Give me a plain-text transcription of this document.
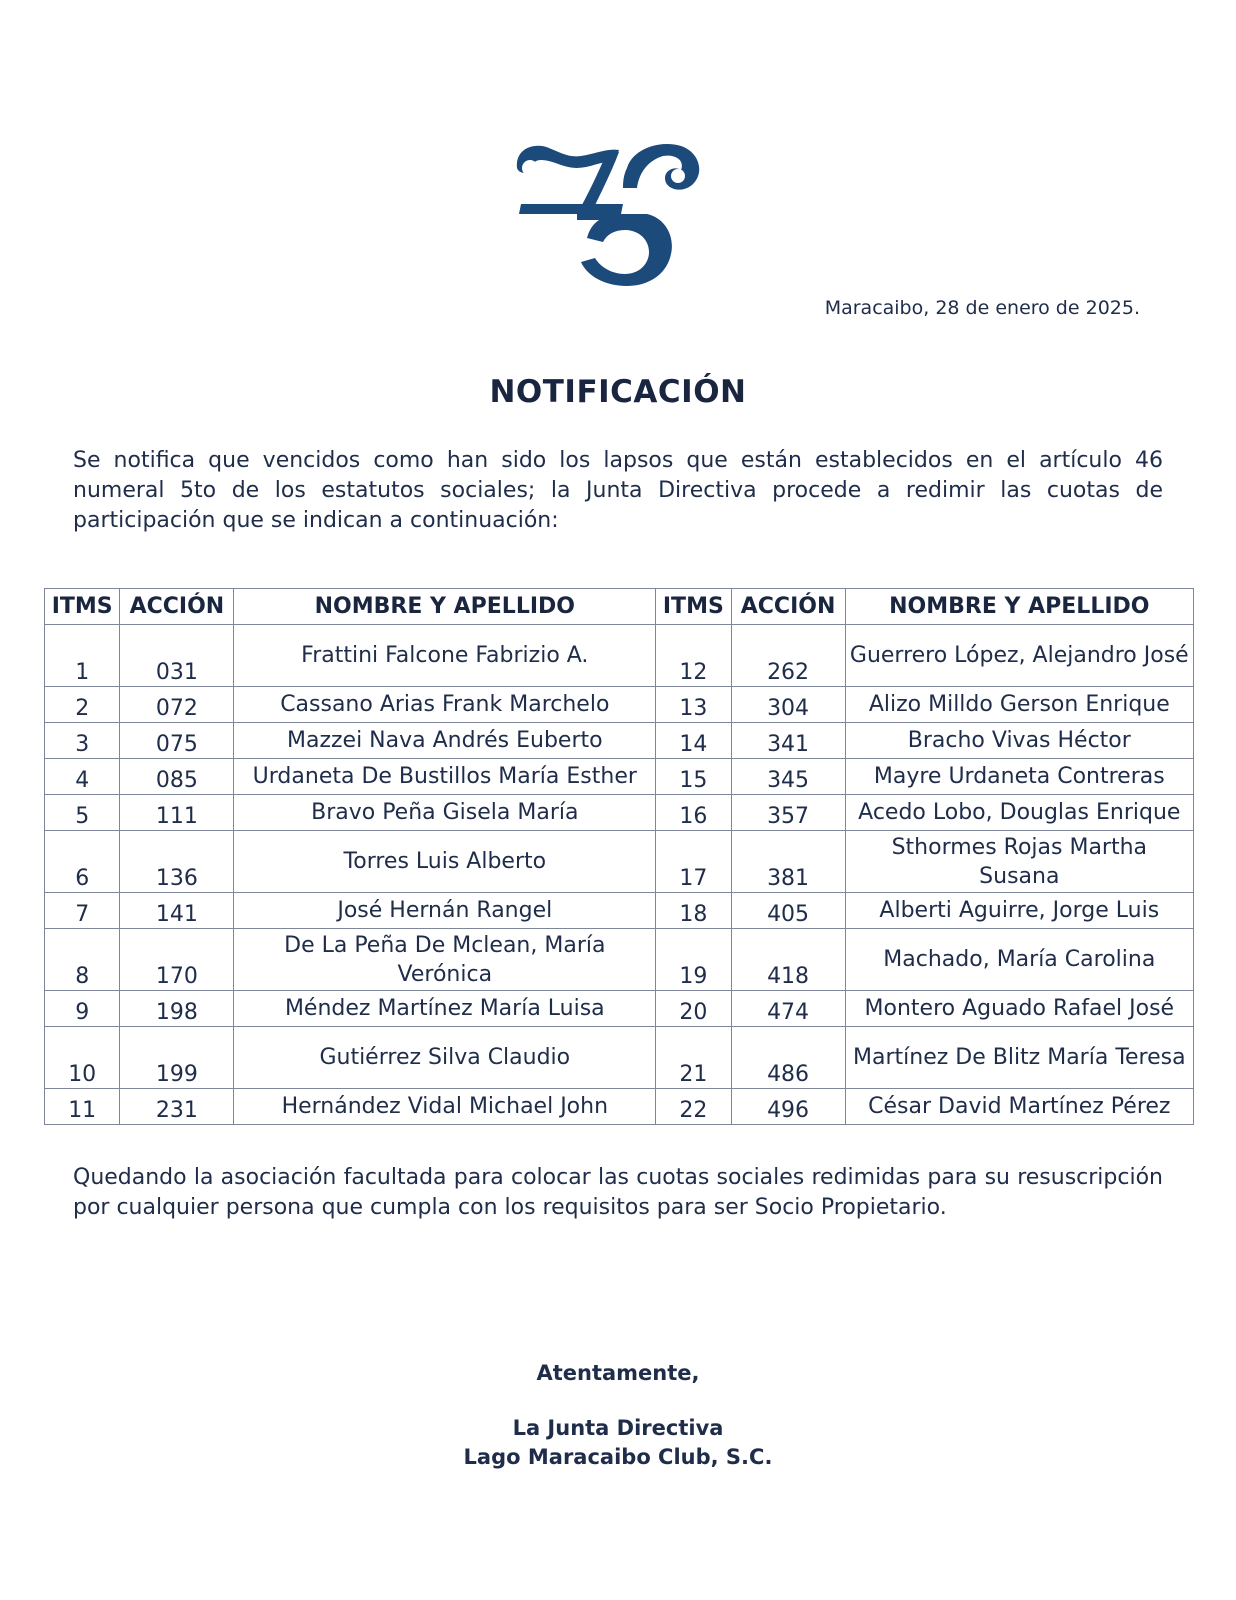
Maracaibo, 28 de enero de 2025.
NOTIFICACIÓN
Se notifica que vencidos como han sido los lapsos que están establecidos en el artículo 46 numeral 5to de los estatutos sociales; la Junta Directiva procede a redimir las cuotas de participación que se indican a continuación:
ITMS	ACCIÓN	NOMBRE Y APELLIDO	ITMS	ACCIÓN	NOMBRE Y APELLIDO
1	031	Frattini Falcone Fabrizio A.	12	262	Guerrero López, Alejandro José
2	072	Cassano Arias Frank Marchelo	13	304	Alizo Milldo Gerson Enrique
3	075	Mazzei Nava Andrés Euberto	14	341	Bracho Vivas Héctor
4	085	Urdaneta De Bustillos María Esther	15	345	Mayre Urdaneta Contreras
5	111	Bravo Peña Gisela María	16	357	Acedo Lobo, Douglas Enrique
6	136	Torres Luis Alberto	17	381	Sthormes Rojas Martha Susana
7	141	José Hernán Rangel	18	405	Alberti Aguirre, Jorge Luis
8	170	De La Peña De Mclean, María Verónica	19	418	Machado, María Carolina
9	198	Méndez Martínez María Luisa	20	474	Montero Aguado Rafael José
10	199	Gutiérrez Silva Claudio	21	486	Martínez De Blitz María Teresa
11	231	Hernández Vidal Michael John	22	496	César David Martínez Pérez
Quedando la asociación facultada para colocar las cuotas sociales redimidas para su resuscripción por cualquier persona que cumpla con los requisitos para ser Socio Propietario.
Atentamente,
La Junta Directiva
Lago Maracaibo Club, S.C.
